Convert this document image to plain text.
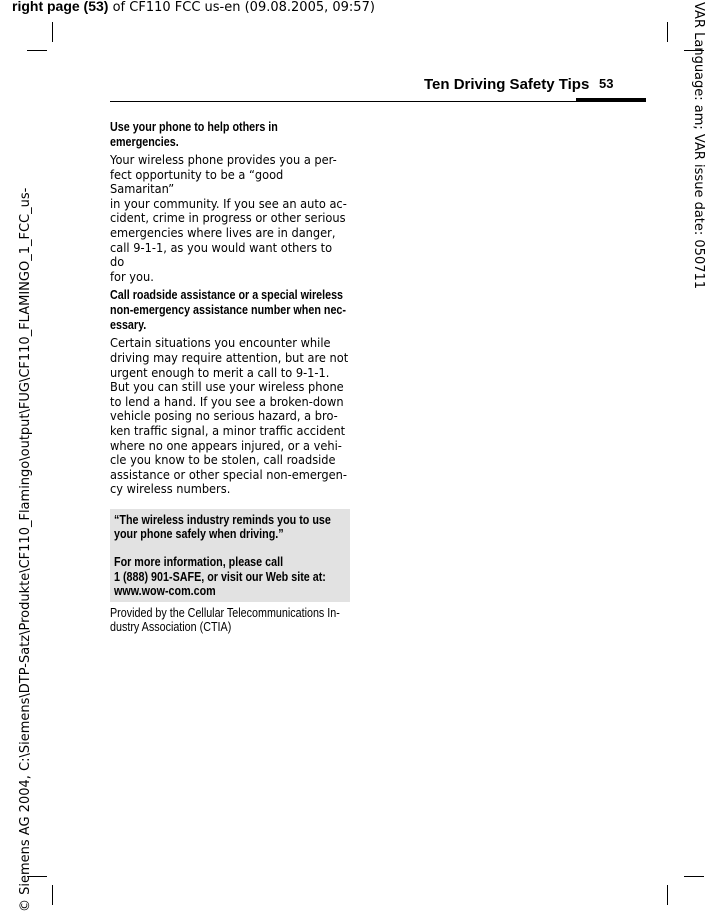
right page (53) of CF110 FCC us-en (09.08.2005, 09:57)
Ten Driving Safety Tips 53
Use your phone to help others in emergencies.
Your wireless phone provides you a per-
fect opportunity to be a “good Samaritan”
in your community. If you see an auto ac-
cident, crime in progress or other serious
emergencies where lives are in danger,
call 9-1-1, as you would want others to do
for you.
Call roadside assistance or a special wireless
non-emergency assistance number when nec-
essary.
Certain situations you encounter while
driving may require attention, but are not
urgent enough to merit a call to 9-1-1.
But you can still use your wireless phone
to lend a hand. If you see a broken-down
vehicle posing no serious hazard, a bro-
ken traffic signal, a minor traffic accident
where no one appears injured, or a vehi-
cle you know to be stolen, call roadside
assistance or other special non-emergen-
cy wireless numbers.
“The wireless industry reminds you to use
your phone safely when driving.”
For more information, please call
1 (888) 901-SAFE, or visit our Web site at:
www.wow-com.com
Provided by the Cellular Telecommunications In-
dustry Association (CTIA)
© Siemens AG 2004, C:\Siemens\DTP-Satz\Produkte\CF110_Flamingo\output\FUG\CF110_FLAMINGO_1_FCC_us-
VAR Language: am; VAR issue date: 050711
